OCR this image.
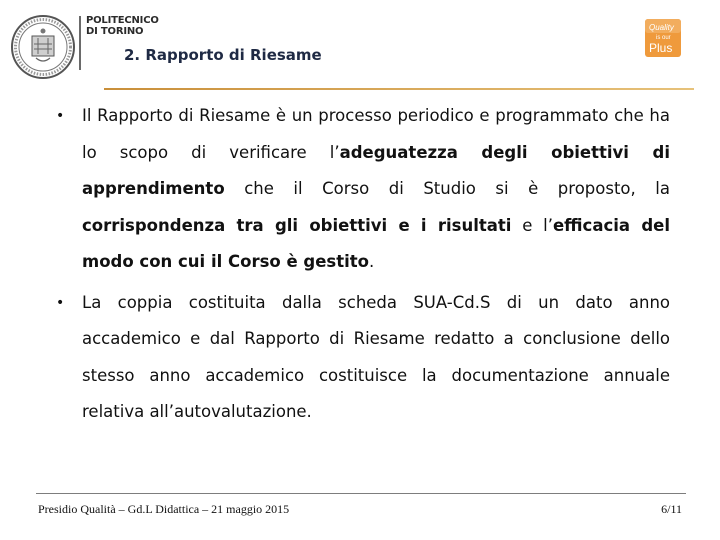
POLITECNICO
DI TORINO
2. Rapporto di Riesame
Quality
is our
Plus
• Il Rapporto di Riesame è un processo periodico e programmato che ha lo scopo di verificare l’adeguatezza degli obiettivi di apprendimento che il Corso di Studio si è proposto, la corrispondenza tra gli obiettivi e i risultati e l’efficacia del modo con cui il Corso è gestito.
• La coppia costituita dalla scheda SUA-Cd.S di un dato anno accademico e dal Rapporto di Riesame redatto a conclusione dello stesso anno accademico costituisce la documentazione annuale relativa all’autovalutazione.
Presidio Qualità – Gd.L Didattica – 21 maggio 2015	6/11
